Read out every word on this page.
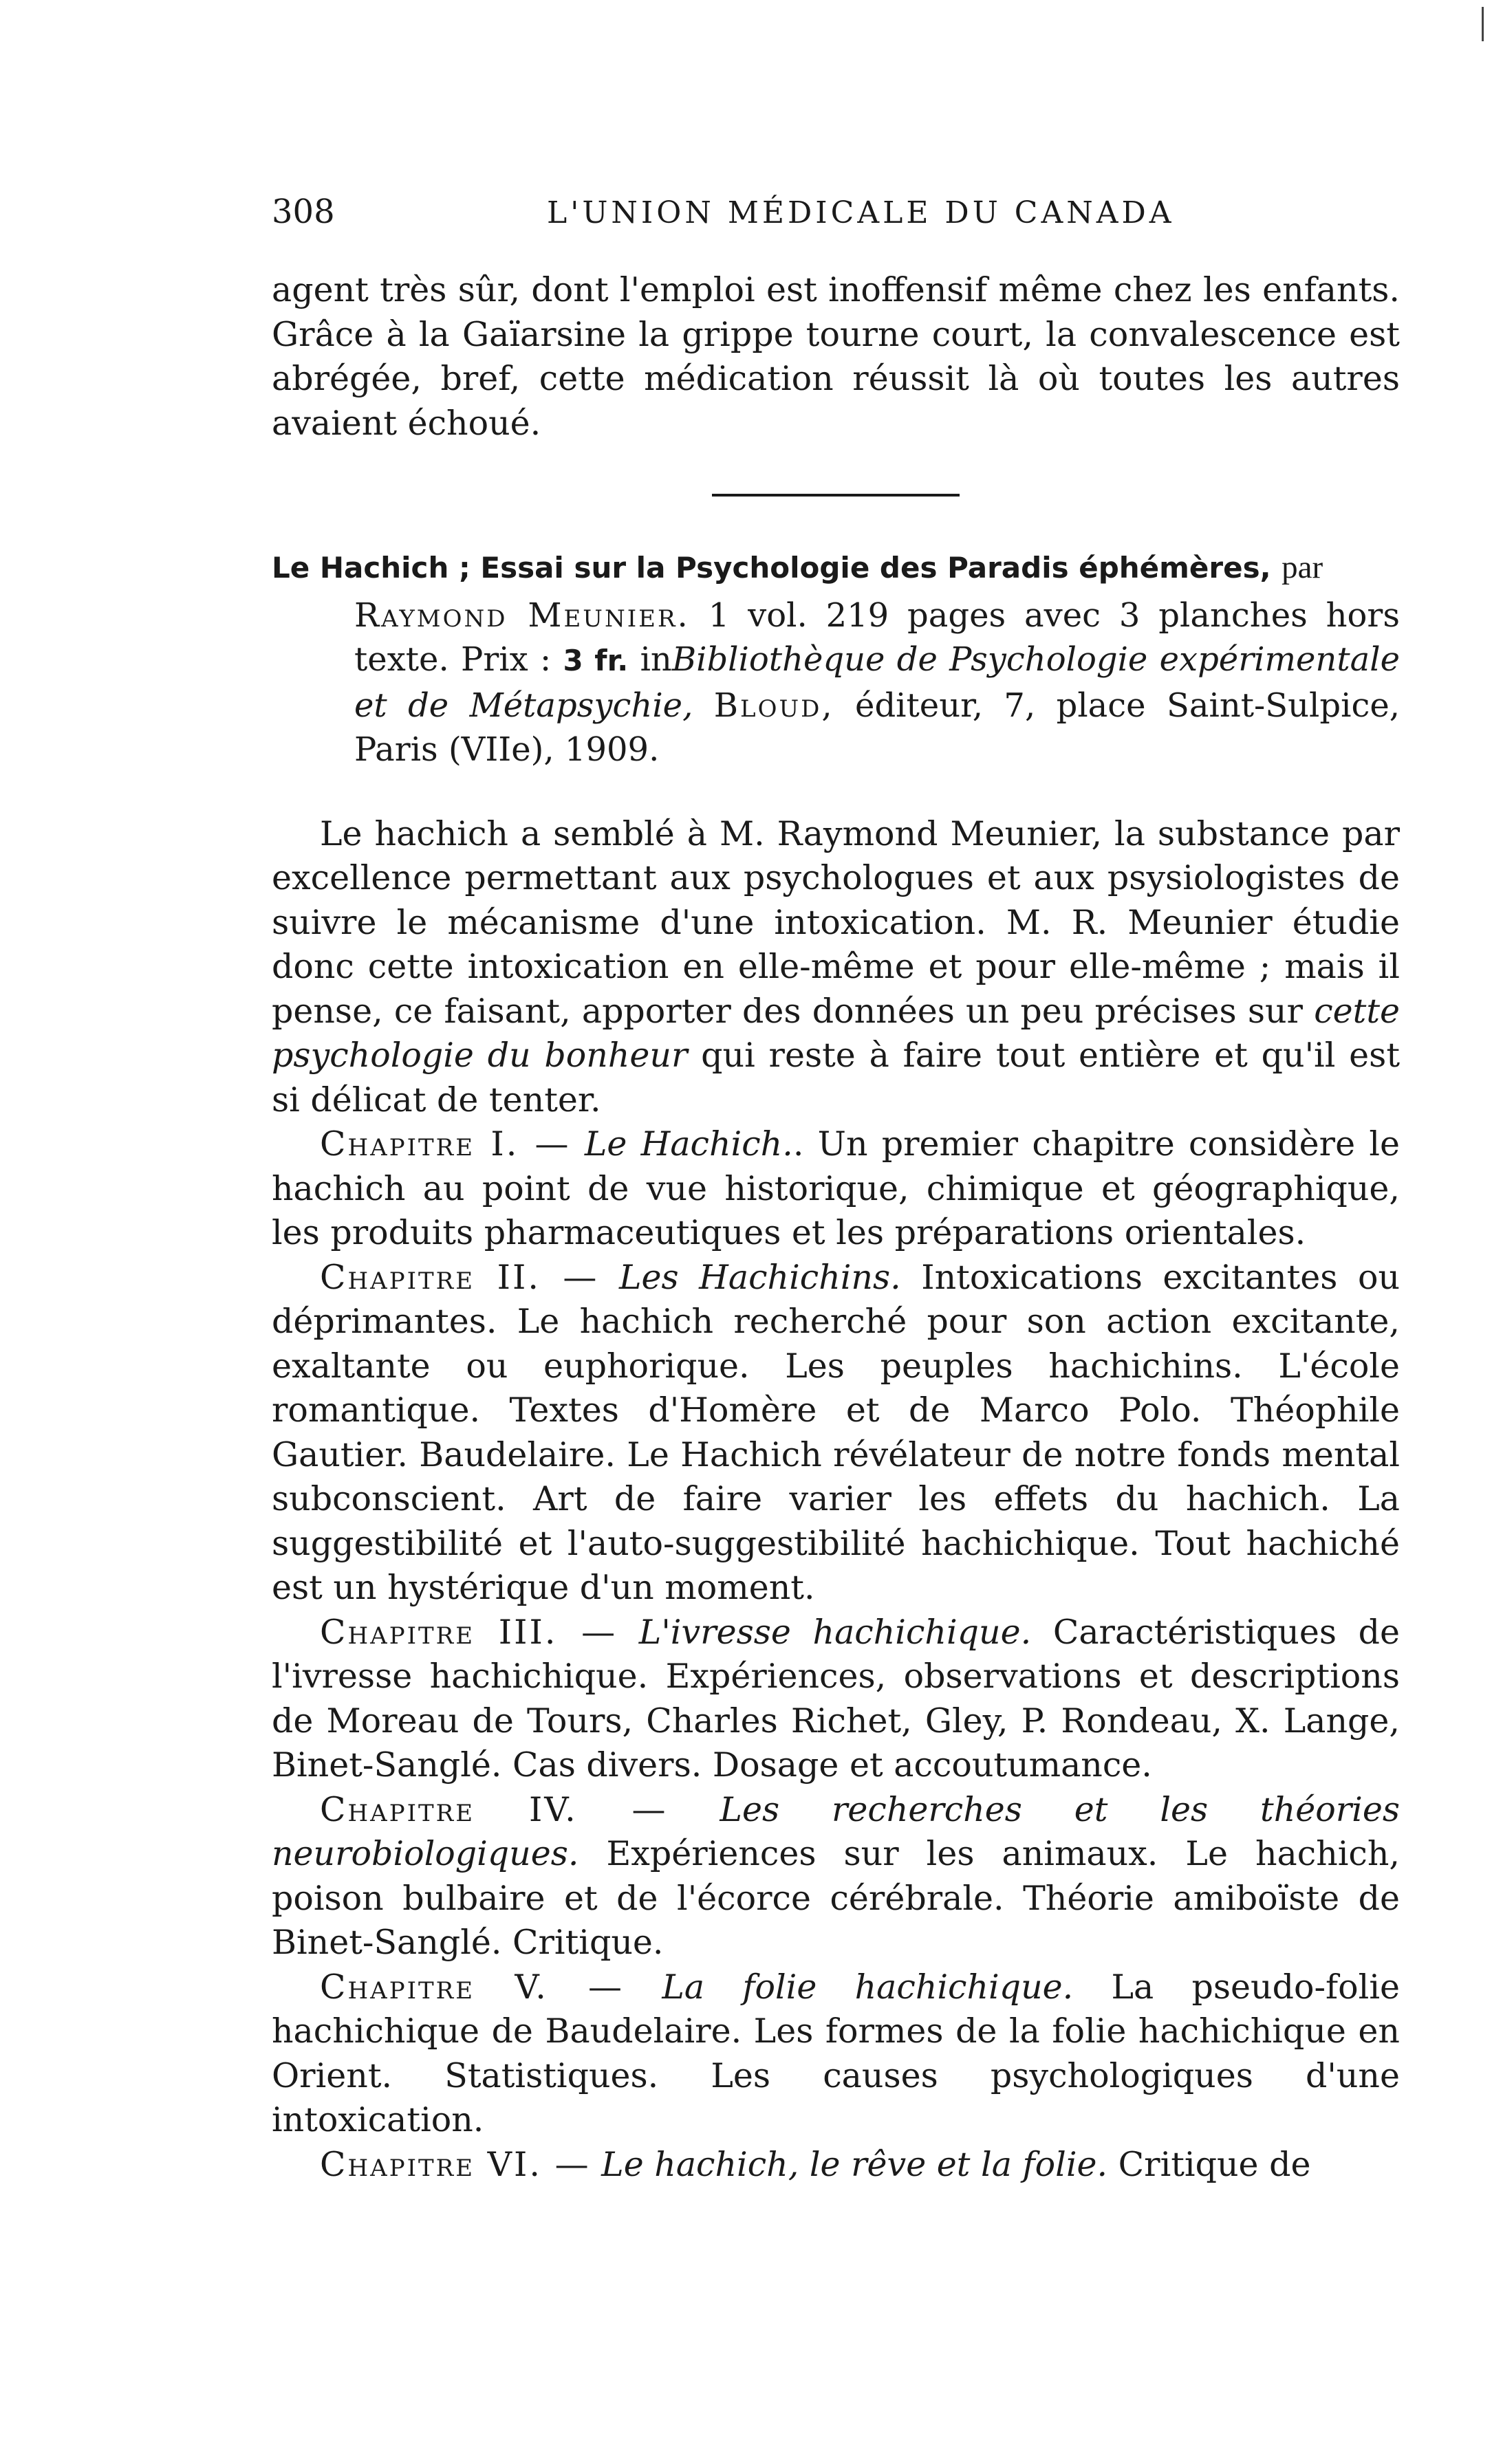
308	L'UNION MÉDICALE DU CANADA

agent très sûr, dont l'emploi est inoffensif même chez les enfants. Grâce à la Gaïarsine la grippe tourne court, la convalescence est abrégée, bref, cette médication réussit là où toutes les autres avaient échoué.

Le Hachich ; Essai sur la Psychologie des Paradis éphémères, par

Raymond Meunier. 1 vol. 219 pages avec 3 planches hors texte. Prix : 3 fr. inBibliothèque de Psychologie expérimentale et de Métapsychie, Bloud, éditeur, 7, place Saint-Sulpice, Paris (VIIe), 1909.

Le hachich a semblé à M. Raymond Meunier, la substance par excellence permettant aux psychologues et aux psysiologistes de suivre le mécanisme d'une intoxication. M. R. Meunier étudie donc cette intoxication en elle-même et pour elle-même ; mais il pense, ce faisant, apporter des données un peu précises sur cette psychologie du bonheur qui reste à faire tout entière et qu'il est si délicat de tenter.

Chapitre I. — Le Hachich.. Un premier chapitre considère le hachich au point de vue historique, chimique et géographique, les produits pharmaceutiques et les préparations orientales.

Chapitre II. — Les Hachichins. Intoxications excitantes ou déprimantes. Le hachich recherché pour son action excitante, exaltante ou euphorique. Les peuples hachichins. L'école romantique. Textes d'Homère et de Marco Polo. Théophile Gautier. Baudelaire. Le Hachich révélateur de notre fonds mental subconscient. Art de faire varier les effets du hachich. La suggestibilité et l'auto-suggestibilité hachichique. Tout hachiché est un hystérique d'un moment.

Chapitre III. — L'ivresse hachichique. Caractéristiques de l'ivresse hachichique. Expériences, observations et descriptions de Moreau de Tours, Charles Richet, Gley, P. Rondeau, X. Lange, Binet-Sanglé. Cas divers. Dosage et accoutumance.

Chapitre IV. — Les recherches et les théories neurobiologiques. Expériences sur les animaux. Le hachich, poison bulbaire et de l'écorce cérébrale. Théorie amiboïste de Binet-Sanglé. Critique.

Chapitre V. — La folie hachichique. La pseudo-folie hachichique de Baudelaire. Les formes de la folie hachichique en Orient. Statistiques. Les causes psychologiques d'une intoxication.

Chapitre VI. — Le hachich, le rêve et la folie. Critique de
